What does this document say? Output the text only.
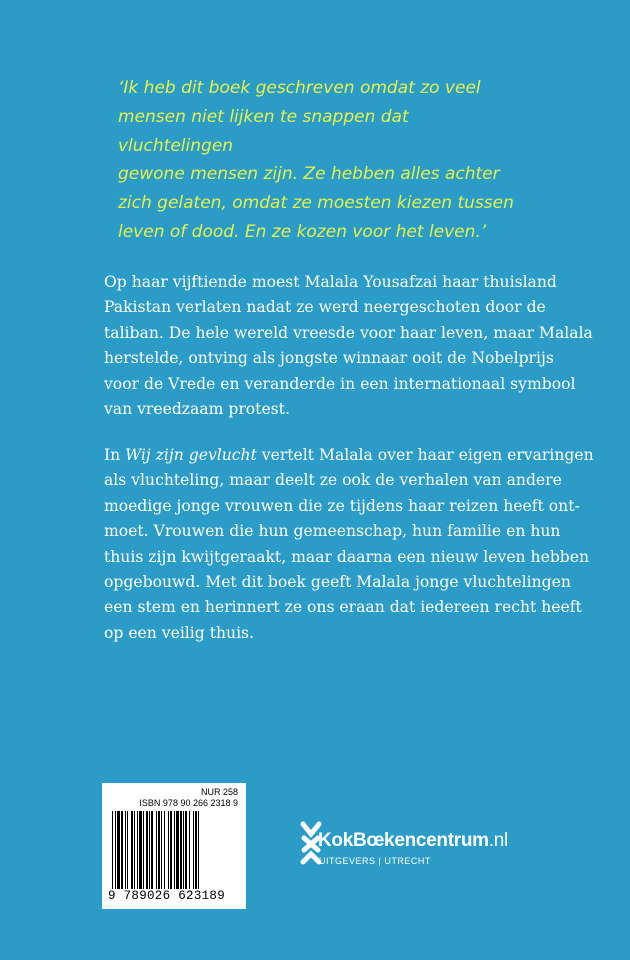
‘Ik heb dit boek geschreven omdat zo veel
mensen niet lijken te snappen dat vluchtelingen
gewone mensen zijn. Ze hebben alles achter
zich gelaten, omdat ze moesten kiezen tussen
leven of dood. En ze kozen voor het leven.’

Op haar vijftiende moest Malala Yousafzai haar thuisland
Pakistan verlaten nadat ze werd neergeschoten door de
taliban. De hele wereld vreesde voor haar leven, maar Malala
herstelde, ontving als jongste winnaar ooit de Nobelprijs
voor de Vrede en veranderde in een internationaal symbool
van vreedzaam protest.

In Wij zijn gevlucht vertelt Malala over haar eigen ervaringen
als vluchteling, maar deelt ze ook de verhalen van andere
moedige jonge vrouwen die ze tijdens haar reizen heeft ont-
moet. Vrouwen die hun gemeenschap, hun familie en hun
thuis zijn kwijtgeraakt, maar daarna een nieuw leven hebben
opgebouwd. Met dit boek geeft Malala jonge vluchtelingen
een stem en herinnert ze ons eraan dat iedereen recht heeft
op een veilig thuis.

NUR 258
ISBN 978 90 266 2318 9
9 789026 623189
KokBœkencentrum.nl
UITGEVERS | UTRECHT
